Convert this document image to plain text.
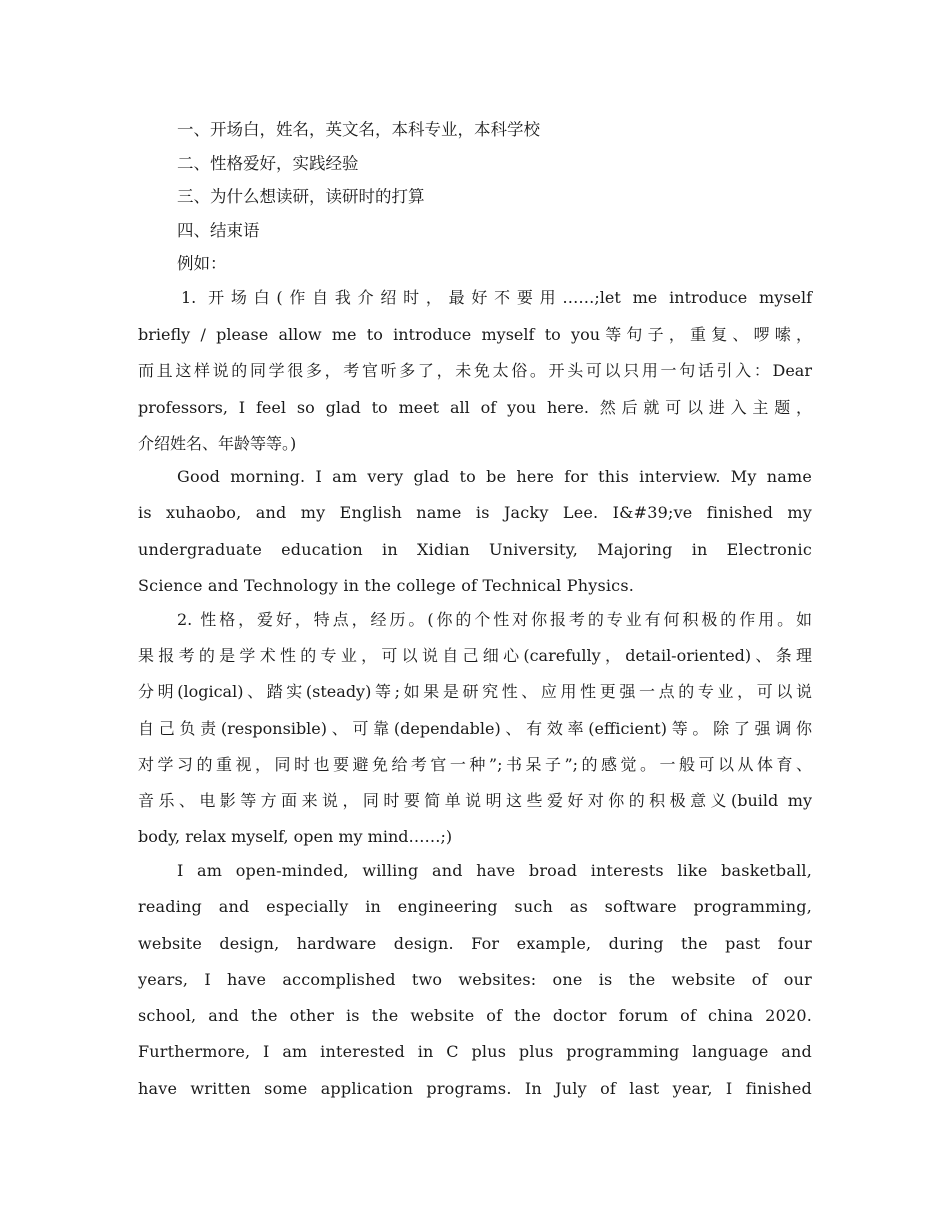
一、开场白，姓名，英文名，本科专业，本科学校
二、性格爱好，实践经验
三、为什么想读研，读研时的打算
四、结束语
例如：
1. 开场白(作自我介绍时，最好不要用……;let me introduce myself
briefly / please allow me to introduce myself to you等句子，重复、啰嗦，
而且这样说的同学很多，考官听多了，未免太俗。开头可以只用一句话引入：Dear
professors, I feel so glad to meet all of you here. 然后就可以进入主题，
介绍姓名、年龄等等。)
Good morning. I am very glad to be here for this interview. My name
is xuhaobo, and my English name is Jacky Lee. I&#39;ve finished my
undergraduate education in Xidian University, Majoring in Electronic
Science and Technology in the college of Technical Physics.
2. 性格，爱好，特点，经历。(你的个性对你报考的专业有何积极的作用。如
果报考的是学术性的专业，可以说自己细心(carefully，detail-oriented)、条理
分明(logical)、踏实(steady)等;如果是研究性、应用性更强一点的专业，可以说
自己负责(responsible)、可靠(dependable)、有效率(efficient)等。除了强调你
对学习的重视，同时也要避免给考官一种”;书呆子”;的感觉。一般可以从体育、
音乐、电影等方面来说，同时要简单说明这些爱好对你的积极意义(build my
body, relax myself, open my mind……;)
I am open-minded, willing and have broad interests like basketball,
reading and especially in engineering such as software programming,
website design, hardware design. For example, during the past four
years, I have accomplished two websites: one is the website of our
school, and the other is the website of the doctor forum of china 2020.
Furthermore, I am interested in C plus plus programming language and
have written some application programs. In July of last year, I finished
